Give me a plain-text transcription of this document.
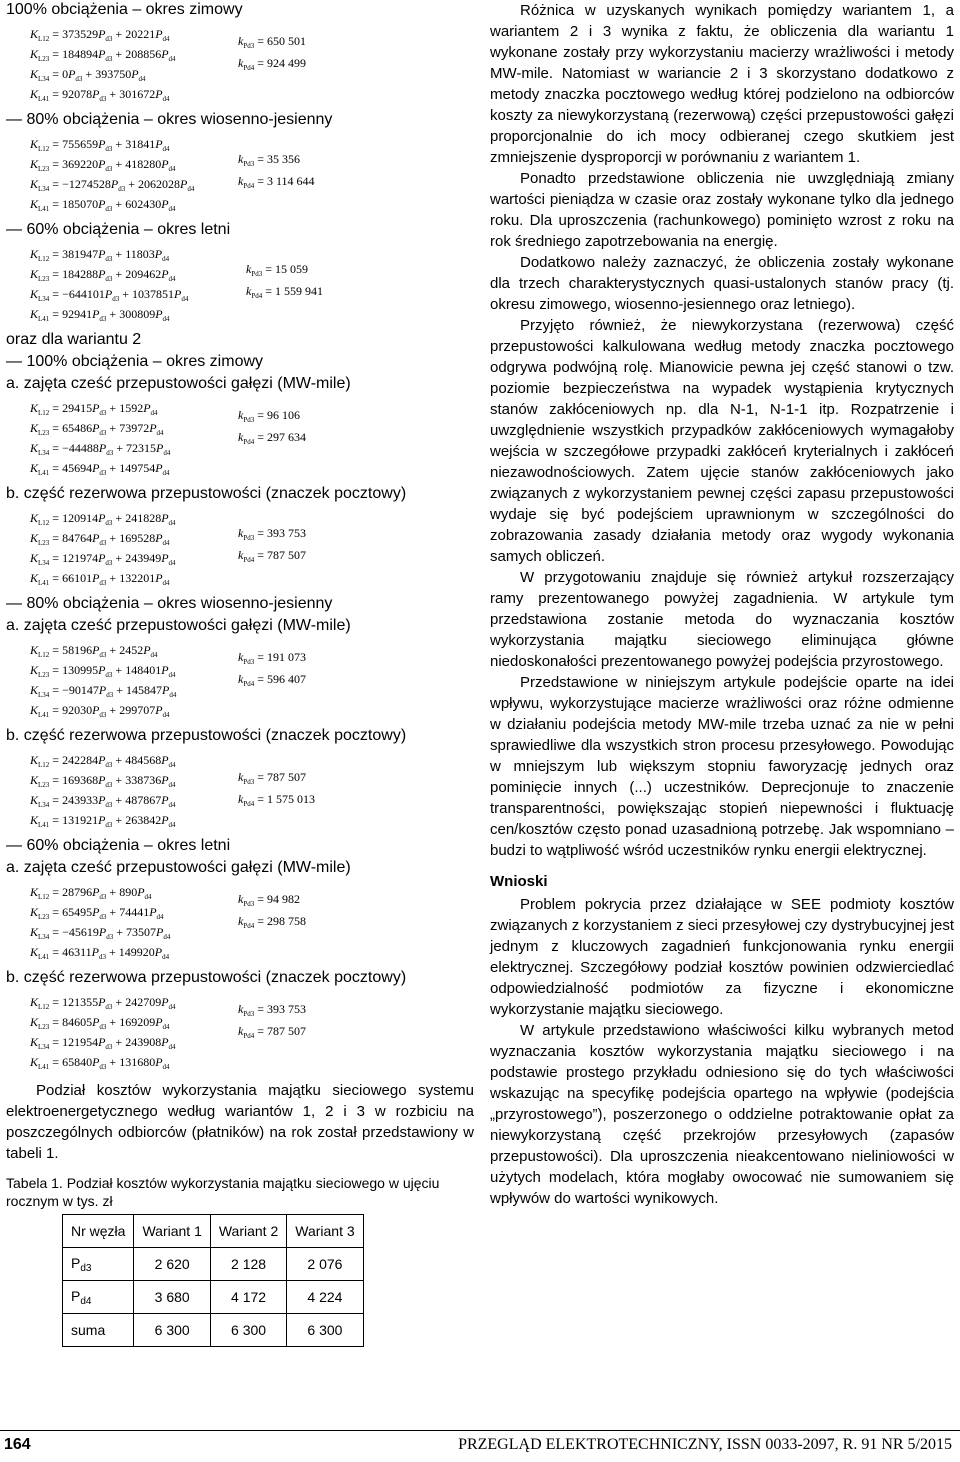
100% obciążenia – okres zimowy
$K_{L12} = 373529P_{d3} + 20221P_{d4}$
$K_{L23} = 184894P_{d3} + 208856P_{d4}$
$K_{L34} = 0P_{d3} + 393750P_{d4}$
$K_{L41} = 92078P_{d3} + 301672P_{d4}$
$k_{Pd3} = 650$ 501
$k_{Pd4} = 924$ 499
— 80% obciążenia – okres wiosenno-jesienny
$K_{L12} = 755659P_{d3} + 31841P_{d4}$
$K_{L23} = 369220P_{d3} + 418280P_{d4}$
$K_{L34} = -1274528P_{d3} + 2062028P_{d4}$
$K_{L41} = 185070P_{d3} + 602430P_{d4}$
$k_{Pd3} = 35$ 356
$k_{Pd4} = 3$ 114 644
— 60% obciążenia – okres letni
$K_{L12} = 381947P_{d3} + 11803P_{d4}$
$K_{L23} = 184288P_{d3} + 209462P_{d4}$
$K_{L34} = -644101P_{d3} + 1037851P_{d4}$
$K_{L41} = 92941P_{d3} + 300809P_{d4}$
$k_{Pd3} = 15$ 059
$k_{Pd4} = 1$ 559 941
oraz dla wariantu 2
— 100% obciążenia – okres zimowy
a. zajęta cześć przepustowości gałęzi (MW-mile)
$K_{L12} = 29415P_{d3} + 1592P_{d4}$
$K_{L23} = 65486P_{d3} + 73972P_{d4}$
$K_{L34} = -44488P_{d3} + 72315P_{d4}$
$K_{L41} = 45694P_{d3} + 149754P_{d4}$
$k_{Pd3} = 96$ 106
$k_{Pd4} = 297$ 634
b. część rezerwowa przepustowości (znaczek pocztowy)
$K_{L12} = 120914P_{d3} + 241828P_{d4}$
$K_{L23} = 84764P_{d3} + 169528P_{d4}$
$K_{L34} = 121974P_{d3} + 243949P_{d4}$
$K_{L41} = 66101P_{d3} + 132201P_{d4}$
$k_{Pd3} = 393$ 753
$k_{Pd4} = 787$ 507
— 80% obciążenia – okres wiosenno-jesienny
a. zajęta cześć przepustowości gałęzi (MW-mile)
$K_{L12} = 58196P_{d3} + 2452P_{d4}$
$K_{L23} = 130995P_{d3} + 148401P_{d4}$
$K_{L34} = -90147P_{d3} + 145847P_{d4}$
$K_{L41} = 92030P_{d3} + 299707P_{d4}$
$k_{Pd3} = 191$ 073
$k_{Pd4} = 596$ 407
b. część rezerwowa przepustowości (znaczek pocztowy)
$K_{L12} = 242284P_{d3} + 484568P_{d4}$
$K_{L23} = 169368P_{d3} + 338736P_{d4}$
$K_{L34} = 243933P_{d3} + 487867P_{d4}$
$K_{L41} = 131921P_{d3} + 263842P_{d4}$
$k_{Pd3} = 787$ 507
$k_{Pd4} = 1$ 575 013
— 60% obciążenia – okres letni
a. zajęta cześć przepustowości gałęzi (MW-mile)
$K_{L12} = 28796P_{d3} + 890P_{d4}$
$K_{L23} = 65495P_{d3} + 74441P_{d4}$
$K_{L34} = -45619P_{d3} + 73507P_{d4}$
$K_{L41} = 46311P_{d3} + 149920P_{d4}$
$k_{Pd3} = 94$ 982
$k_{Pd4} = 298$ 758
b. część rezerwowa przepustowości (znaczek pocztowy)
$K_{L12} = 121355P_{d3} + 242709P_{d4}$
$K_{L23} = 84605P_{d3} + 169209P_{d4}$
$K_{L34} = 121954P_{d3} + 243908P_{d4}$
$K_{L41} = 65840P_{d3} + 131680P_{d4}$
$k_{Pd3} = 393$ 753
$k_{Pd4} = 787$ 507

Podział kosztów wykorzystania majątku sieciowego systemu elektroenergetycznego według wariantów 1, 2 i 3 w rozbiciu na poszczególnych odbiorców (płatników) na rok został przedstawiony w tabeli 1.

Tabela 1. Podział kosztów wykorzystania majątku sieciowego w ujęciu rocznym w tys. zł
Nr węzła	Wariant 1	Wariant 2	Wariant 3
$P_{d3}$	2 620	2 128	2 076
$P_{d4}$	3 680	4 172	4 224
suma	6 300	6 300	6 300

Różnica w uzyskanych wynikach pomiędzy wariantem 1, a wariantem 2 i 3 wynika z faktu, że obliczenia dla wariantu 1 wykonane zostały przy wykorzystaniu macierzy wrażliwości i metody MW-mile. Natomiast w wariancie 2 i 3 skorzystano dodatkowo z metody znaczka pocztowego według której podzielono na odbiorców koszty za niewykorzystaną (rezerwową) części przepustowości gałęzi proporcjonalnie do ich mocy odbieranej czego skutkiem jest zmniejszenie dysproporcji w porównaniu z wariantem 1.

Ponadto przedstawione obliczenia nie uwzględniają zmiany wartości pieniądza w czasie oraz zostały wykonane tylko dla jednego roku. Dla uproszczenia (rachunkowego) pominięto wzrost z roku na rok średniego zapotrzebowania na energię.

Dodatkowo należy zaznaczyć, że obliczenia zostały wykonane dla trzech charakterystycznych quasi-ustalonych stanów pracy (tj. okresu zimowego, wiosenno-jesiennego oraz letniego).

Przyjęto również, że niewykorzystana (rezerwowa) część przepustowości kalkulowana według metody znaczka pocztowego odgrywa podwójną rolę. Mianowicie pewna jej część stanowi o tzw. poziomie bezpieczeństwa na wypadek wystąpienia krytycznych stanów zakłóceniowych np. dla N-1, N-1-1 itp. Rozpatrzenie i uwzględnienie wszystkich przypadków zakłóceniowych wymagałoby wejścia w szczegółowe przypadki zakłóceń kryterialnych i zakłóceń niezawodnościowych. Zatem ujęcie stanów zakłóceniowych jako związanych z wykorzystaniem pewnej części zapasu przepustowości wydaje się być podejściem uprawnionym w szczególności do zobrazowania zasady działania metody oraz wygody wykonania samych obliczeń.

W przygotowaniu znajduje się również artykuł rozszerzający ramy prezentowanego powyżej zagadnienia. W artykule tym przedstawiona zostanie metoda do wyznaczania kosztów wykorzystania majątku sieciowego eliminująca główne niedoskonałości prezentowanego powyżej podejścia przyrostowego.

Przedstawione w niniejszym artykule podejście oparte na idei wpływu, wykorzystujące macierze wrażliwości oraz różne odmienne w działaniu podejścia metody MW-mile trzeba uznać za nie w pełni sprawiedliwe dla wszystkich stron procesu przesyłowego. Powodując w mniejszym lub większym stopniu faworyzację jednych oraz pominięcie innych (...) uczestników. Deprecjonuje to znaczenie transparentności, powiększając stopień niepewności i fluktuację cen/kosztów często ponad uzasadnioną potrzebę. Jak wspomniano – budzi to wątpliwość wśród uczestników rynku energii elektrycznej.

Wnioski

Problem pokrycia przez działające w SEE podmioty kosztów związanych z korzystaniem z sieci przesyłowej czy dystrybucyjnej jest jednym z kluczowych zagadnień funkcjonowania rynku energii elektrycznej. Szczegółowy podział kosztów powinien odzwierciedlać odpowiedzialność podmiotów za fizyczne i ekonomiczne wykorzystanie majątku sieciowego.

W artykule przedstawiono właściwości kilku wybranych metod wyznaczania kosztów wykorzystania majątku sieciowego i na podstawie prostego przykładu odniesiono się do tych właściwości wskazując na specyfikę podejścia opartego na wpływie (podejścia „przyrostowego”), poszerzonego o oddzielne potraktowanie opłat za niewykorzystaną część przekrojów przesyłowych (zapasów przepustowości). Dla uproszczenia nieakcentowano nieliniowości w użytych modelach, która mogłaby owocować nie sumowaniem się wpływów do wartości wynikowych.

164	PRZEGLĄD ELEKTROTECHNICZNY, ISSN 0033-2097, R. 91 NR 5/2015
